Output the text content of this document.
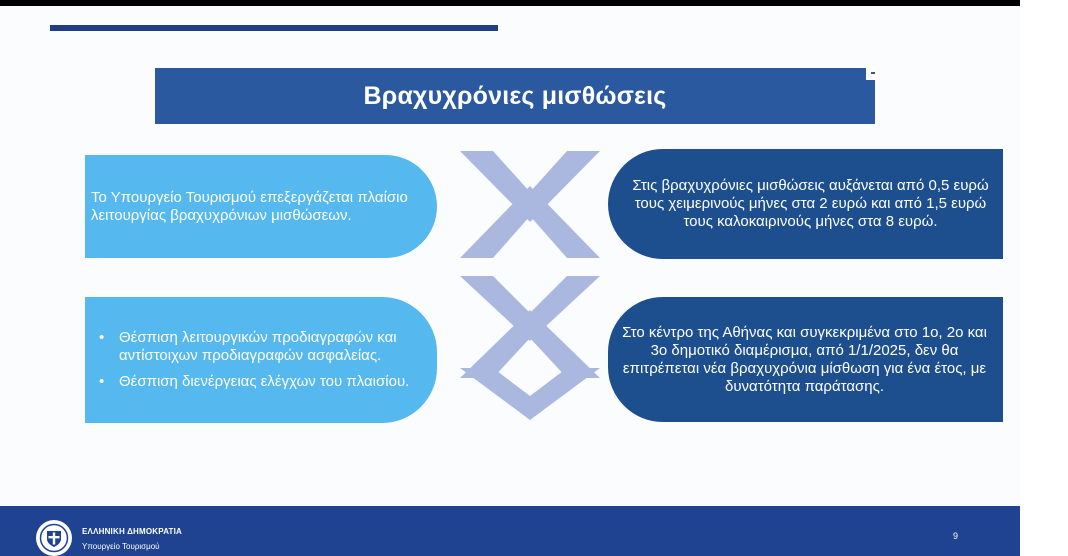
Βραχυχρόνιες μισθώσεις
Το Υπουργείο Τουρισμού επεξεργάζεται πλαίσιο λειτουργίας βραχυχρόνιων μισθώσεων.
• Θέσπιση λειτουργικών προδιαγραφών και αντίστοιχων προδιαγραφών ασφαλείας.
• Θέσπιση διενέργειας ελέγχων του πλαισίου.
Στις βραχυχρόνιες μισθώσεις αυξάνεται από 0,5 ευρώ τους χειμερινούς μήνες στα 2 ευρώ και από 1,5 ευρώ τους καλοκαιρινούς μήνες στα 8 ευρώ.
Στο κέντρο της Αθήνας και συγκεκριμένα στο 1ο, 2ο και 3ο δημοτικό διαμέρισμα, από 1/1/2025, δεν θα επιτρέπεται νέα βραχυχρόνια μίσθωση για ένα έτος, με δυνατότητα παράτασης.
ΕΛΛΗΝΙΚΗ ΔΗΜΟΚΡΑΤΙΑ
Υπουργείο Τουρισμού
9
